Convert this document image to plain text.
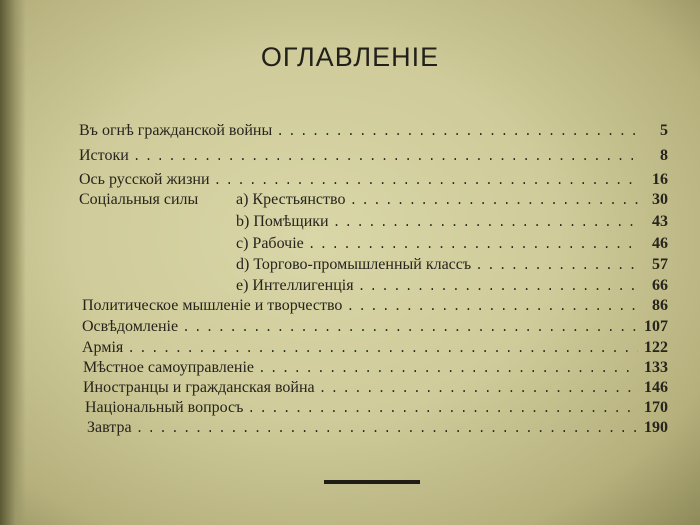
ОГЛАВЛЕНІЕ
Въ огнѣ гражданской войны .....	5
Истоки .....	8
Ось русской жизни .....	16
Соціальныя силы a) Крестьянство .....	30
b) Помѣщики .....	43
c) Рабочіе .....	46
d) Торгово-промышленный классъ .....	57
e) Интеллигенція .....	66
Политическое мышленіе и творчество .....	86
Освѣдомленіе .....	107
Армія .....	122
Мѣстное самоуправленіе .....	133
Иностранцы и гражданская война .....	146
Національный вопросъ .....	170
Завтра .....	190
